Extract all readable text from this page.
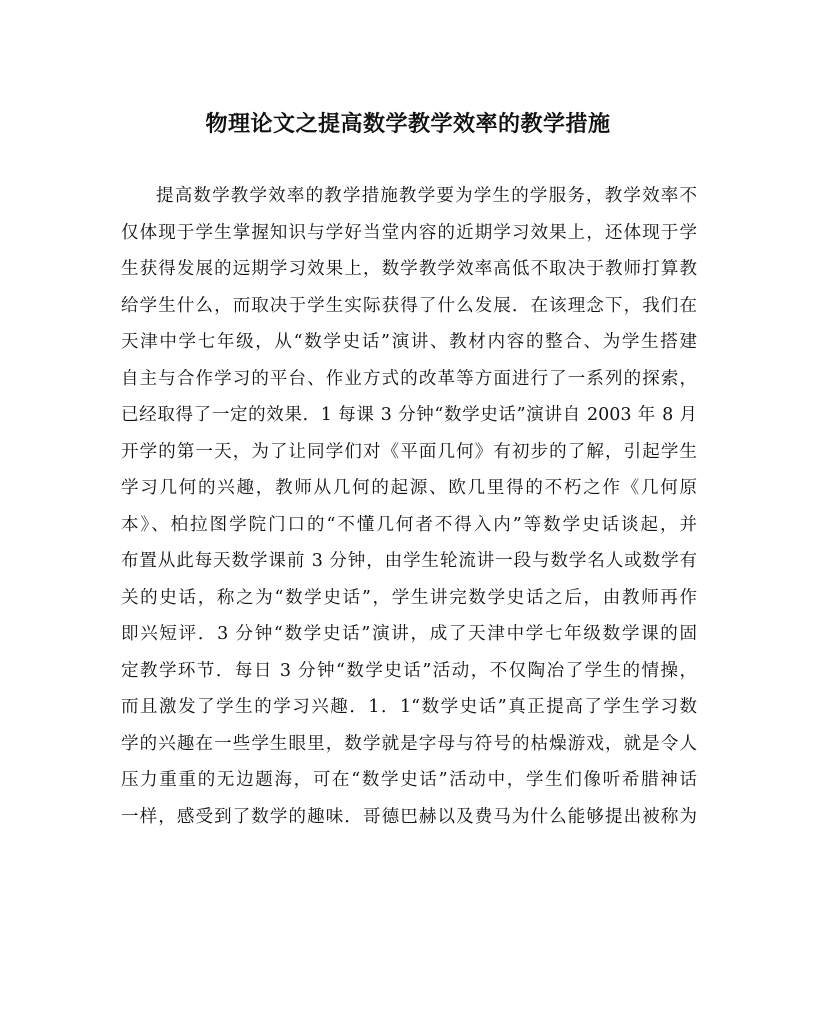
物理论文之提高数学教学效率的教学措施
提高数学教学效率的教学措施教学要为学生的学服务，教学效率不
仅体现于学生掌握知识与学好当堂内容的近期学习效果上，还体现于学
生获得发展的远期学习效果上，数学教学效率高低不取决于教师打算教
给学生什么，而取决于学生实际获得了什么发展．在该理念下，我们在
天津中学七年级，从“数学史话”演讲、教材内容的整合、为学生搭建
自主与合作学习的平台、作业方式的改革等方面进行了一系列的探索，
已经取得了一定的效果．1 每课 3 分钟“数学史话”演讲自 2003 年 8 月
开学的第一天，为了让同学们对《平面几何》有初步的了解，引起学生
学习几何的兴趣，教师从几何的起源、欧几里得的不朽之作《几何原
本》、柏拉图学院门口的“不懂几何者不得入内”等数学史话谈起，并
布置从此每天数学课前 3 分钟，由学生轮流讲一段与数学名人或数学有
关的史话，称之为“数学史话”，学生讲完数学史话之后，由教师再作
即兴短评．3 分钟“数学史话”演讲，成了天津中学七年级数学课的固
定教学环节．每日 3 分钟“数学史话”活动，不仅陶冶了学生的情操，
而且激发了学生的学习兴趣．1．1“数学史话”真正提高了学生学习数
学的兴趣在一些学生眼里，数学就是字母与符号的枯燥游戏，就是令人
压力重重的无边题海，可在“数学史话”活动中，学生们像听希腊神话
一样，感受到了数学的趣味．哥德巴赫以及费马为什么能够提出被称为
